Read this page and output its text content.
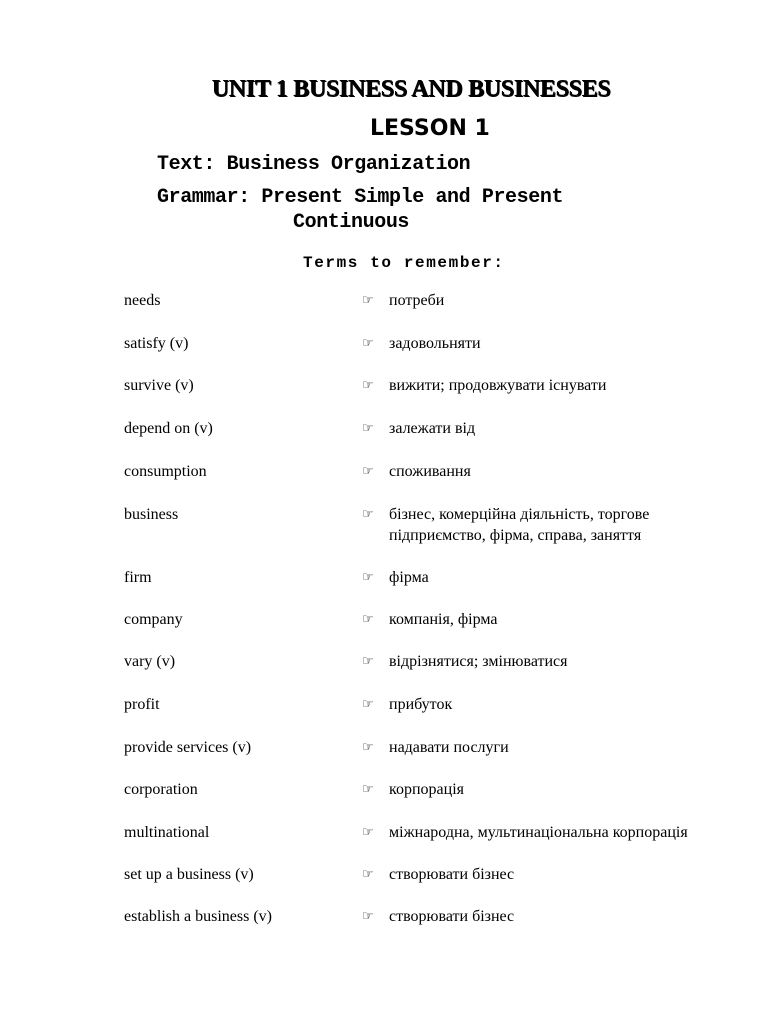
UNIT 1 BUSINESS AND BUSINESSES
LESSON 1
Text: Business Organization
Grammar: Present Simple and Present
Continuous
Terms to remember:
needs	☞ потреби
satisfy (v)	☞ задовольняти
survive (v)	☞ вижити; продовжувати існувати
depend on (v)	☞ залежати від
consumption	☞ споживання
business	☞ бізнес, комерційна діяльність, торгове підприємство, фірма, справа, заняття
firm	☞ фірма
company	☞ компанія, фірма
vary (v)	☞ відрізнятися; змінюватися
profit	☞ прибуток
provide services (v)	☞ надавати послуги
corporation	☞ корпорація
multinational	☞ міжнародна, мультинаціональна корпорація
set up a business (v)	☞ створювати бізнес
establish a business (v)	☞ створювати бізнес
